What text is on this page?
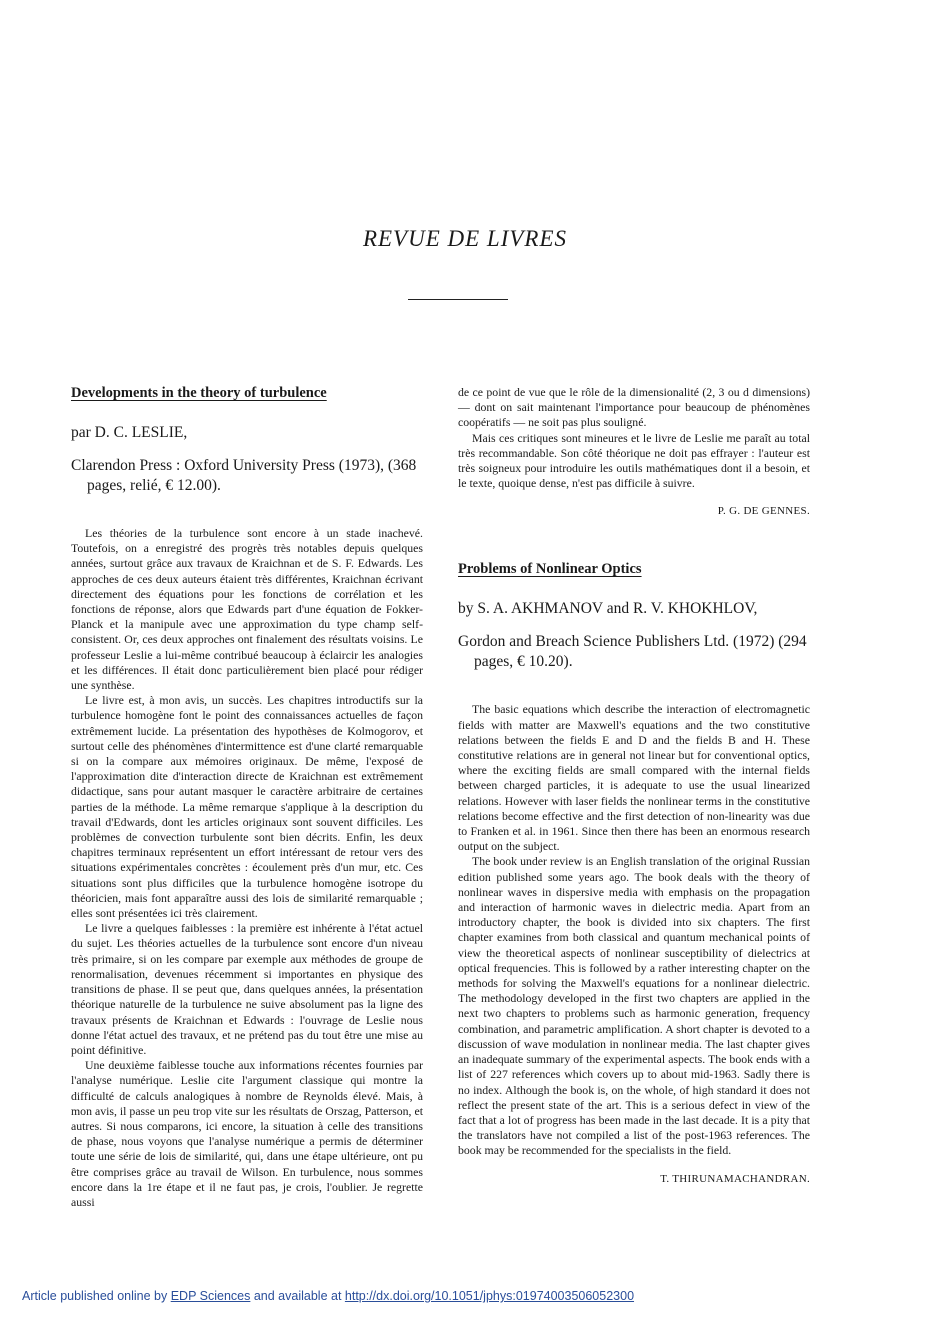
REVUE DE LIVRES
Developments in the theory of turbulence
par D. C. LESLIE,
Clarendon Press : Oxford University Press (1973), (368 pages, relié, € 12.00).

Les théories de la turbulence sont encore à un stade inachevé. Toutefois, on a enregistré des progrès très notables depuis quelques années, surtout grâce aux travaux de Kraichnan et de S. F. Edwards. Les approches de ces deux auteurs étaient très différentes, Kraichnan écrivant directement des équations pour les fonctions de corrélation et les fonctions de réponse, alors que Edwards part d'une équation de Fokker-Planck et la manipule avec une approximation du type champ self-consistent. Or, ces deux approches ont finalement des résultats voisins. Le professeur Leslie a lui-même contribué beaucoup à éclaircir les analogies et les différences. Il était donc particulièrement bien placé pour rédiger une synthèse.

Le livre est, à mon avis, un succès. Les chapitres introductifs sur la turbulence homogène font le point des connaissances actuelles de façon extrêmement lucide. La présentation des hypothèses de Kolmogorov, et surtout celle des phénomènes d'intermittence est d'une clarté remarquable si on la compare aux mémoires originaux. De même, l'exposé de l'approximation dite d'interaction directe de Kraichnan est extrêmement didactique, sans pour autant masquer le caractère arbitraire de certaines parties de la méthode. La même remarque s'applique à la description du travail d'Edwards, dont les articles originaux sont souvent difficiles. Les problèmes de convection turbulente sont bien décrits. Enfin, les deux chapitres terminaux représentent un effort intéressant de retour vers des situations expérimentales concrètes : écoulement près d'un mur, etc. Ces situations sont plus difficiles que la turbulence homogène isotrope du théoricien, mais font apparaître aussi des lois de similarité remarquable ; elles sont présentées ici très clairement.

Le livre a quelques faiblesses : la première est inhérente à l'état actuel du sujet. Les théories actuelles de la turbulence sont encore d'un niveau très primaire, si on les compare par exemple aux méthodes de groupe de renormalisation, devenues récemment si importantes en physique des transitions de phase. Il se peut que, dans quelques années, la présentation théorique naturelle de la turbulence ne suive absolument pas la ligne des travaux présents de Kraichnan et Edwards : l'ouvrage de Leslie nous donne l'état actuel des travaux, et ne prétend pas du tout être une mise au point définitive.

Une deuxième faiblesse touche aux informations récentes fournies par l'analyse numérique. Leslie cite l'argument classique qui montre la difficulté de calculs analogiques à nombre de Reynolds élevé. Mais, à mon avis, il passe un peu trop vite sur les résultats de Orszag, Patterson, et autres. Si nous comparons, ici encore, la situation à celle des transitions de phase, nous voyons que l'analyse numérique a permis de déterminer toute une série de lois de similarité, qui, dans une étape ultérieure, ont pu être comprises grâce au travail de Wilson. En turbulence, nous sommes encore dans la 1re étape et il ne faut pas, je crois, l'oublier. Je regrette aussi

de ce point de vue que le rôle de la dimensionalité (2, 3 ou d dimensions) — dont on sait maintenant l'importance pour beaucoup de phénomènes coopératifs — ne soit pas plus souligné.

Mais ces critiques sont mineures et le livre de Leslie me paraît au total très recommandable. Son côté théorique ne doit pas effrayer : l'auteur est très soigneux pour introduire les outils mathématiques dont il a besoin, et le texte, quoique dense, n'est pas difficile à suivre.

P. G. DE GENNES.
Problems of Nonlinear Optics
by S. A. AKHMANOV and R. V. KHOKHLOV,
Gordon and Breach Science Publishers Ltd. (1972) (294 pages, € 10.20).

The basic equations which describe the interaction of electromagnetic fields with matter are Maxwell's equations and the two constitutive relations between the fields E and D and the fields B and H. These constitutive relations are in general not linear but for conventional optics, where the exciting fields are small compared with the internal fields between charged particles, it is adequate to use the usual linearized relations. However with laser fields the nonlinear terms in the constitutive relations become effective and the first detection of non-linearity was due to Franken et al. in 1961. Since then there has been an enormous research output on the subject.

The book under review is an English translation of the original Russian edition published some years ago. The book deals with the theory of nonlinear waves in dispersive media with emphasis on the propagation and interaction of harmonic waves in dielectric media. Apart from an introductory chapter, the book is divided into six chapters. The first chapter examines from both classical and quantum mechanical points of view the theoretical aspects of nonlinear susceptibility of dielectrics at optical frequencies. This is followed by a rather interesting chapter on the methods for solving the Maxwell's equations for a nonlinear dielectric. The methodology developed in the first two chapters are applied in the next two chapters to problems such as harmonic generation, frequency combination, and parametric amplification. A short chapter is devoted to a discussion of wave modulation in nonlinear media. The last chapter gives an inadequate summary of the experimental aspects. The book ends with a list of 227 references which covers up to about mid-1963. Sadly there is no index. Although the book is, on the whole, of high standard it does not reflect the present state of the art. This is a serious defect in view of the fact that a lot of progress has been made in the last decade. It is a pity that the translators have not compiled a list of the post-1963 references. The book may be recommended for the specialists in the field.

T. THIRUNAMACHANDRAN.
Article published online by EDP Sciences and available at http://dx.doi.org/10.1051/jphys:01974003506052300
